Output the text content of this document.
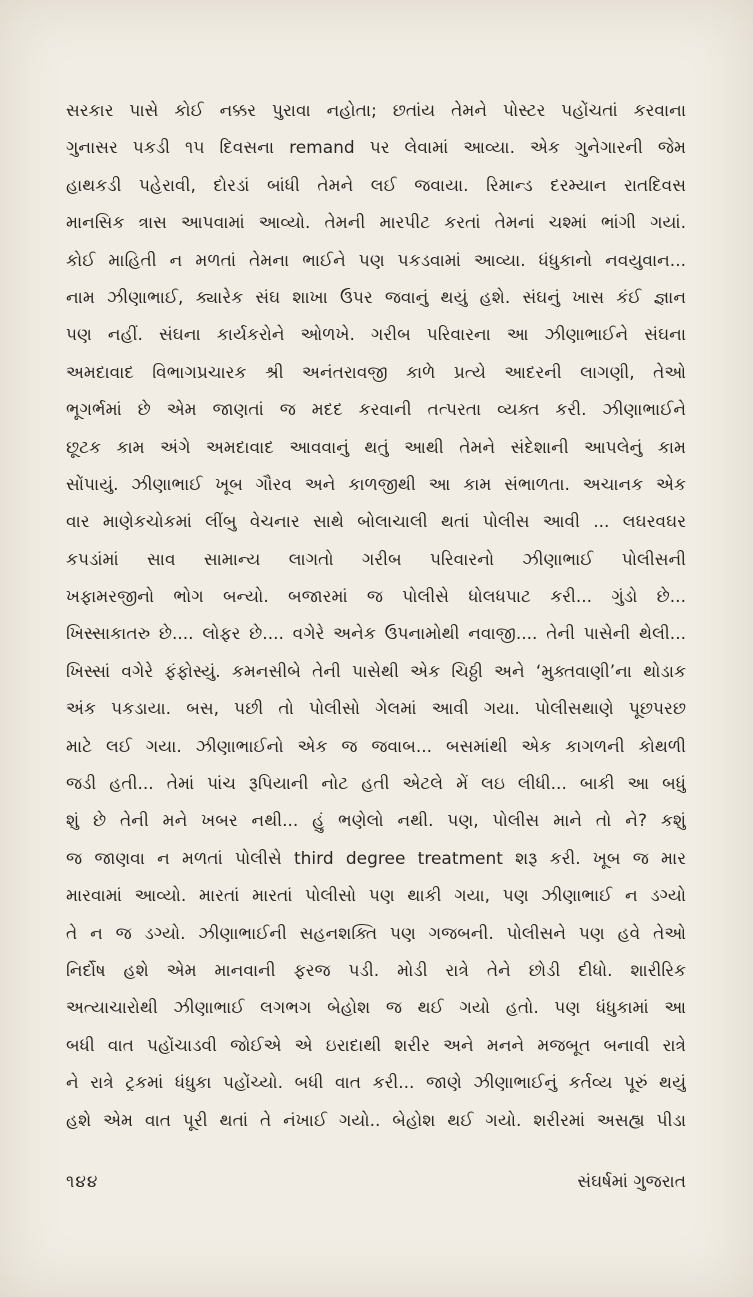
સરકાર પાસે કોઈ નક્કર પુરાવા નહોતા; છતાંય તેમને પોસ્ટર પહોંચતાં કરવાના
ગુનાસર પકડી ૧૫ દિવસના remand પર લેવામાં આવ્યા. એક ગુનેગારની જેમ
હાથકડી પહેરાવી, દોરડાં બાંધી તેમને લઈ જવાયા. રિમાન્ડ દરમ્યાન રાતદિવસ
માનસિક ત્રાસ આપવામાં આવ્યો. તેમની મારપીટ કરતાં તેમનાં ચશ્માં ભાંગી ગયાં.
કોઈ માહિતી ન મળતાં તેમના ભાઈને પણ પકડવામાં આવ્યા. ધંધુકાનો નવયુવાન...
નામ ઝીણાભાઈ, ક્યારેક સંઘ શાખા ઉપર જવાનું થયું હશે. સંઘનું ખાસ કંઈ જ્ઞાન
પણ નહીં. સંઘના કાર્યકરોને ઓળખે. ગરીબ પરિવારના આ ઝીણાભાઈને સંઘના
અમદાવાદ વિભાગપ્રચારક શ્રી અનંતરાવજી કાળે પ્રત્યે આદરની લાગણી, તેઓ
ભૂગર્ભમાં છે એમ જાણતાં જ મદદ કરવાની તત્પરતા વ્યક્ત કરી. ઝીણાભાઈને
છૂટક કામ અંગે અમદાવાદ આવવાનું થતું આથી તેમને સંદેશાની આપલેનું કામ
સોંપાયું. ઝીણાભાઈ ખૂબ ગૌરવ અને કાળજીથી આ કામ સંભાળતા. અચાનક એક
વાર માણેકચોકમાં લીંબુ વેચનાર સાથે બોલાચાલી થતાં પોલીસ આવી ... લઘરવઘર
કપડાંમાં સાવ સામાન્ય લાગતો ગરીબ પરિવારનો ઝીણાભાઈ પોલીસની
ખફામરજીનો ભોગ બન્યો. બજારમાં જ પોલીસે ધોલધપાટ કરી... ગુંડો છે...
ખિસ્સાકાતરુ છે.... લોફર છે.... વગેરે અનેક ઉપનામોથી નવાજી.... તેની પાસેની થેલી...
ખિસ્સાં વગેરે ફંફોસ્યું. કમનસીબે તેની પાસેથી એક ચિઠ્ઠી અને ‘મુક્તવાણી’ના થોડાક
અંક પકડાયા. બસ, પછી તો પોલીસો ગેલમાં આવી ગયા. પોલીસથાણે પૂછપરછ
માટે લઈ ગયા. ઝીણાભાઈનો એક જ જવાબ... બસમાંથી એક કાગળની કોથળી
જડી હતી... તેમાં પાંચ રૂપિયાની નોટ હતી એટલે મેં લઇ લીધી... બાકી આ બધું
શું છે તેની મને ખબર નથી... હું ભણેલો નથી. પણ, પોલીસ માને તો ને? કશું
જ જાણવા ન મળતાં પોલીસે third degree treatment શરૂ કરી. ખૂબ જ માર
મારવામાં આવ્યો. મારતાં મારતાં પોલીસો પણ થાકી ગયા, પણ ઝીણાભાઈ ન ડગ્યો
તે ન જ ડગ્યો. ઝીણાભાઈની સહનશક્તિ પણ ગજબની. પોલીસને પણ હવે તેઓ
નિર્દોષ હશે એમ માનવાની ફરજ પડી. મોડી રાત્રે તેને છોડી દીધો. શારીરિક
અત્યાચારોથી ઝીણાભાઈ લગભગ બેહોશ જ થઈ ગયો હતો. પણ ધંધુકામાં આ
બધી વાત પહોંચાડવી જોઈએ એ ઇરાદાથી શરીર અને મનને મજબૂત બનાવી રાત્રે
ને રાત્રે ટ્રકમાં ધંધુકા પહોંચ્યો. બધી વાત કરી... જાણે ઝીણાભાઈનું કર્તવ્ય પૂરું થયું
હશે એમ વાત પૂરી થતાં તે નંખાઈ ગયો.. બેહોશ થઈ ગયો. શરીરમાં અસહ્ય પીડા
૧૪૪	સંઘર્ષમાં ગુજરાત
